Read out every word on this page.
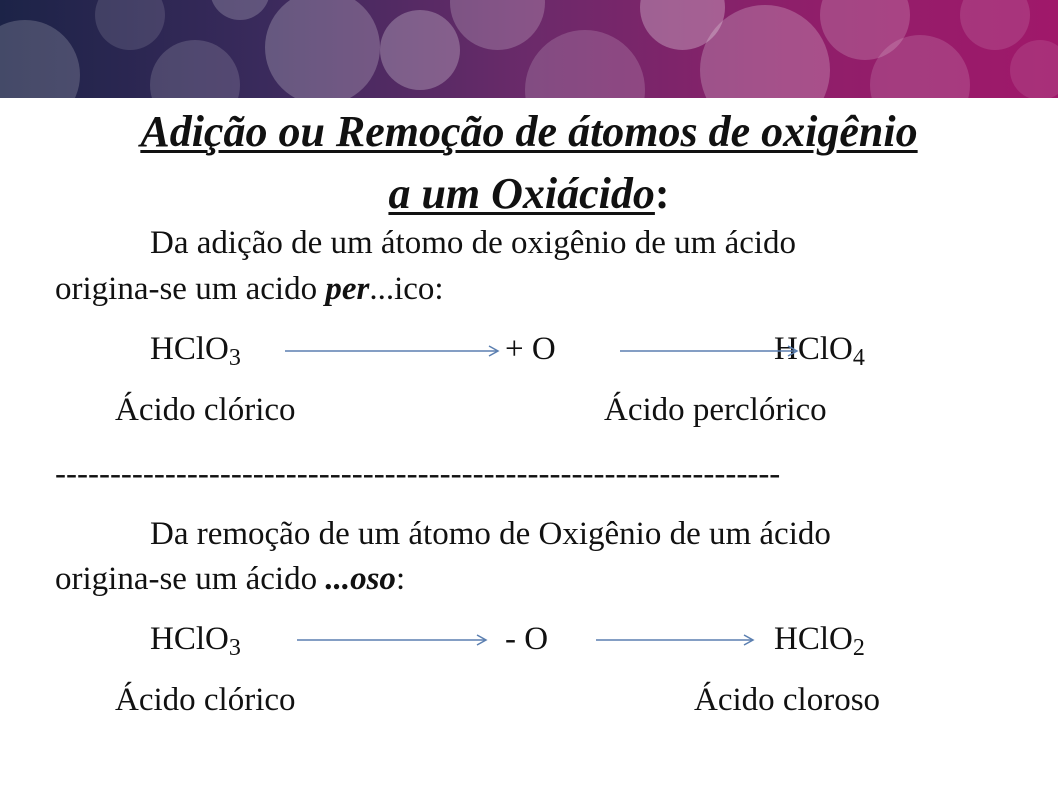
Adição ou Remoção de átomos de oxigênio
a um Oxiácido:
Da adição de um átomo de oxigênio de um ácido
origina-se um acido per...ico:
HClO3	+ O	HClO4
Ácido clórico	Ácido perclórico
------------------------------------------------------------------
Da remoção de um átomo de Oxigênio de um ácido
origina-se um ácido ...oso:
HClO3	- O	HClO2
Ácido clórico	Ácido cloroso
